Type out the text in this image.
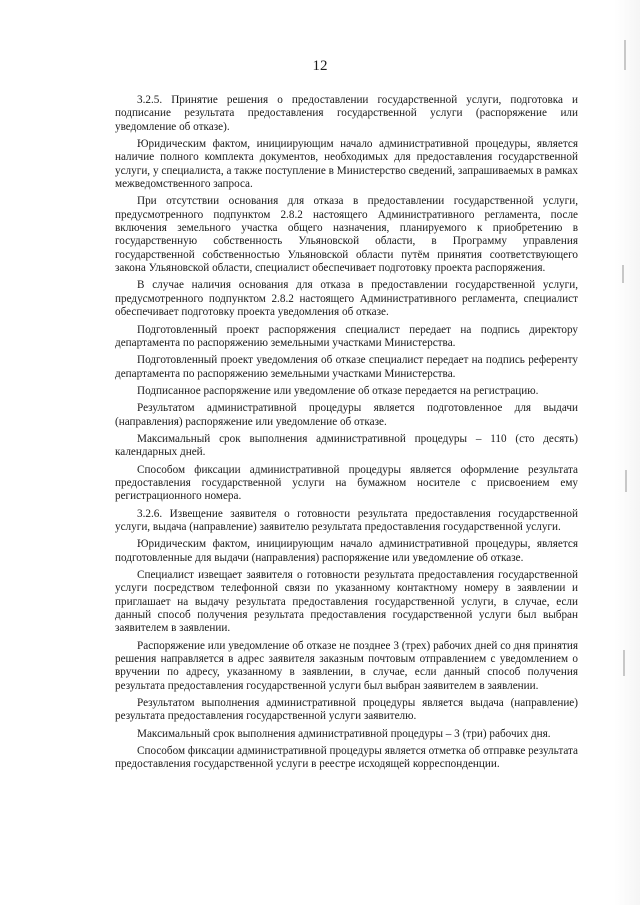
12

3.2.5. Принятие решения о предоставлении государственной услуги, подготовка и подписание результата предоставления государственной услуги (распоряжение или уведомление об отказе).

Юридическим фактом, инициирующим начало административной процедуры, является наличие полного комплекта документов, необходимых для предоставления государственной услуги, у специалиста, а также поступление в Министерство сведений, запрашиваемых в рамках межведомственного запроса.

При отсутствии основания для отказа в предоставлении государственной услуги, предусмотренного подпунктом 2.8.2 настоящего Административного регламента, после включения земельного участка общего назначения, планируемого к приобретению в государственную собственность Ульяновской области, в Программу управления государственной собственностью Ульяновской области путём принятия соответствующего закона Ульяновской области, специалист обеспечивает подготовку проекта распоряжения.

В случае наличия основания для отказа в предоставлении государственной услуги, предусмотренного подпунктом 2.8.2 настоящего Административного регламента, специалист обеспечивает подготовку проекта уведомления об отказе.

Подготовленный проект распоряжения специалист передает на подпись директору департамента по распоряжению земельными участками Министерства.

Подготовленный проект уведомления об отказе специалист передает на подпись референту департамента по распоряжению земельными участками Министерства.

Подписанное распоряжение или уведомление об отказе передается на регистрацию.

Результатом административной процедуры является подготовленное для выдачи (направления) распоряжение или уведомление об отказе.

Максимальный срок выполнения административной процедуры – 110 (сто десять) календарных дней.

Способом фиксации административной процедуры является оформление результата предоставления государственной услуги на бумажном носителе с присвоением ему регистрационного номера.

3.2.6. Извещение заявителя о готовности результата предоставления государственной услуги, выдача (направление) заявителю результата предоставления государственной услуги.

Юридическим фактом, инициирующим начало административной процедуры, является подготовленные для выдачи (направления) распоряжение или уведомление об отказе.

Специалист извещает заявителя о готовности результата предоставления государственной услуги посредством телефонной связи по указанному контактному номеру в заявлении и приглашает на выдачу результата предоставления государственной услуги, в случае, если данный способ получения результата предоставления государственной услуги был выбран заявителем в заявлении.

Распоряжение или уведомление об отказе не позднее 3 (трех) рабочих дней со дня принятия решения направляется в адрес заявителя заказным почтовым отправлением с уведомлением о вручении по адресу, указанному в заявлении, в случае, если данный способ получения результата предоставления государственной услуги был выбран заявителем в заявлении.

Результатом выполнения административной процедуры является выдача (направление) результата предоставления государственной услуги заявителю.

Максимальный срок выполнения административной процедуры – 3 (три) рабочих дня.

Способом фиксации административной процедуры является отметка об отправке результата предоставления государственной услуги в реестре исходящей корреспонденции.
